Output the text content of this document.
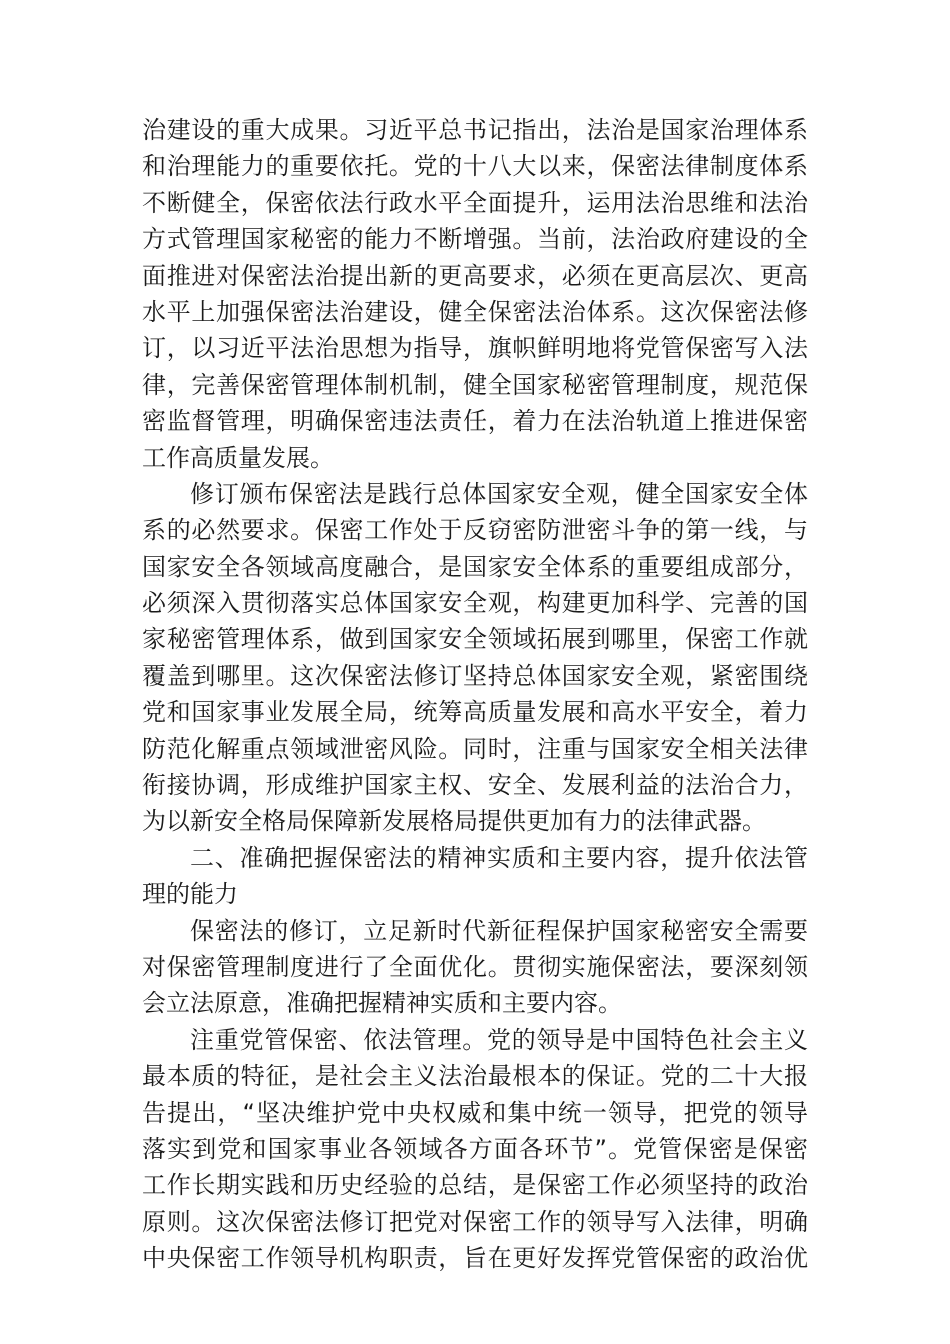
治建设的重大成果。习近平总书记指出，法治是国家治理体系
和治理能力的重要依托。党的十八大以来，保密法律制度体系
不断健全，保密依法行政水平全面提升，运用法治思维和法治
方式管理国家秘密的能力不断增强。当前，法治政府建设的全
面推进对保密法治提出新的更高要求，必须在更高层次、更高
水平上加强保密法治建设，健全保密法治体系。这次保密法修
订，以习近平法治思想为指导，旗帜鲜明地将党管保密写入法
律，完善保密管理体制机制，健全国家秘密管理制度，规范保
密监督管理，明确保密违法责任，着力在法治轨道上推进保密
工作高质量发展。
修订颁布保密法是践行总体国家安全观，健全国家安全体
系的必然要求。保密工作处于反窃密防泄密斗争的第一线，与
国家安全各领域高度融合，是国家安全体系的重要组成部分，
必须深入贯彻落实总体国家安全观，构建更加科学、完善的国
家秘密管理体系，做到国家安全领域拓展到哪里，保密工作就
覆盖到哪里。这次保密法修订坚持总体国家安全观，紧密围绕
党和国家事业发展全局，统筹高质量发展和高水平安全，着力
防范化解重点领域泄密风险。同时，注重与国家安全相关法律
衔接协调，形成维护国家主权、安全、发展利益的法治合力，
为以新安全格局保障新发展格局提供更加有力的法律武器。
二、准确把握保密法的精神实质和主要内容，提升依法管
理的能力
保密法的修订，立足新时代新征程保护国家秘密安全需要
对保密管理制度进行了全面优化。贯彻实施保密法，要深刻领
会立法原意，准确把握精神实质和主要内容。
注重党管保密、依法管理。党的领导是中国特色社会主义
最本质的特征，是社会主义法治最根本的保证。党的二十大报
告提出，“坚决维护党中央权威和集中统一领导，把党的领导
落实到党和国家事业各领域各方面各环节”。党管保密是保密
工作长期实践和历史经验的总结，是保密工作必须坚持的政治
原则。这次保密法修订把党对保密工作的领导写入法律，明确
中央保密工作领导机构职责，旨在更好发挥党管保密的政治优
